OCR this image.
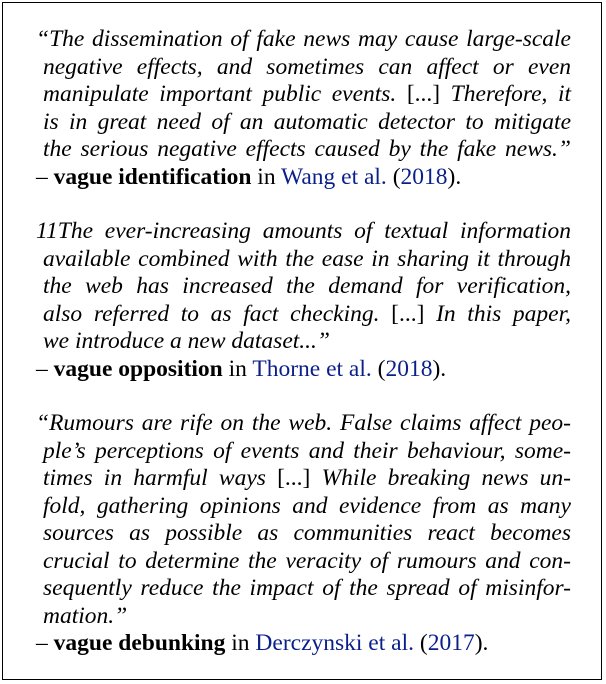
“The dissemination of fake news may cause large-scale
negative effects, and sometimes can affect or even
manipulate important public events. [...] Therefore, it
is in great need of an automatic detector to mitigate
the serious negative effects caused by the fake news.”
– vague identification in Wang et al. (2018).
11The ever-increasing amounts of textual information
available combined with the ease in sharing it through
the web has increased the demand for verification,
also referred to as fact checking. [...] In this paper,
we introduce a new dataset...”
– vague opposition in Thorne et al. (2018).
“Rumours are rife on the web. False claims affect peo-
ple’s perceptions of events and their behaviour, some-
times in harmful ways [...] While breaking news un-
fold, gathering opinions and evidence from as many
sources as possible as communities react becomes
crucial to determine the veracity of rumours and con-
sequently reduce the impact of the spread of misinfor-
mation.”
– vague debunking in Derczynski et al. (2017).
